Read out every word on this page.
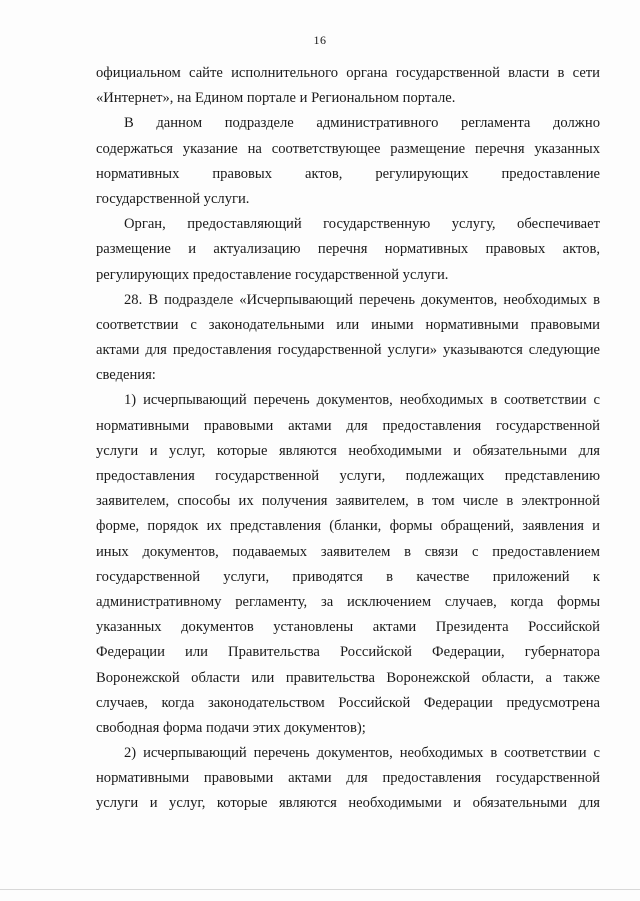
16

официальном сайте исполнительного органа государственной власти в сети
«Интернет», на Едином портале и Региональном портале.

В данном подразделе административного регламента должно
содержаться указание на соответствующее размещение перечня указанных
нормативных правовых актов, регулирующих предоставление
государственной услуги.

Орган, предоставляющий государственную услугу, обеспечивает
размещение и актуализацию перечня нормативных правовых актов,
регулирующих предоставление государственной услуги.

28. В подразделе «Исчерпывающий перечень документов, необходимых в
соответствии с законодательными или иными нормативными правовыми
актами для предоставления государственной услуги» указываются следующие
сведения:

1) исчерпывающий перечень документов, необходимых в соответствии с
нормативными правовыми актами для предоставления государственной
услуги и услуг, которые являются необходимыми и обязательными для
предоставления государственной услуги, подлежащих представлению
заявителем, способы их получения заявителем, в том числе в электронной
форме, порядок их представления (бланки, формы обращений, заявления и
иных документов, подаваемых заявителем в связи с предоставлением
государственной услуги, приводятся в качестве приложений к
административному регламенту, за исключением случаев, когда формы
указанных документов установлены актами Президента Российской
Федерации или Правительства Российской Федерации, губернатора
Воронежской области или правительства Воронежской области, а также
случаев, когда законодательством Российской Федерации предусмотрена
свободная форма подачи этих документов);

2) исчерпывающий перечень документов, необходимых в соответствии с
нормативными правовыми актами для предоставления государственной
услуги и услуг, которые являются необходимыми и обязательными для
